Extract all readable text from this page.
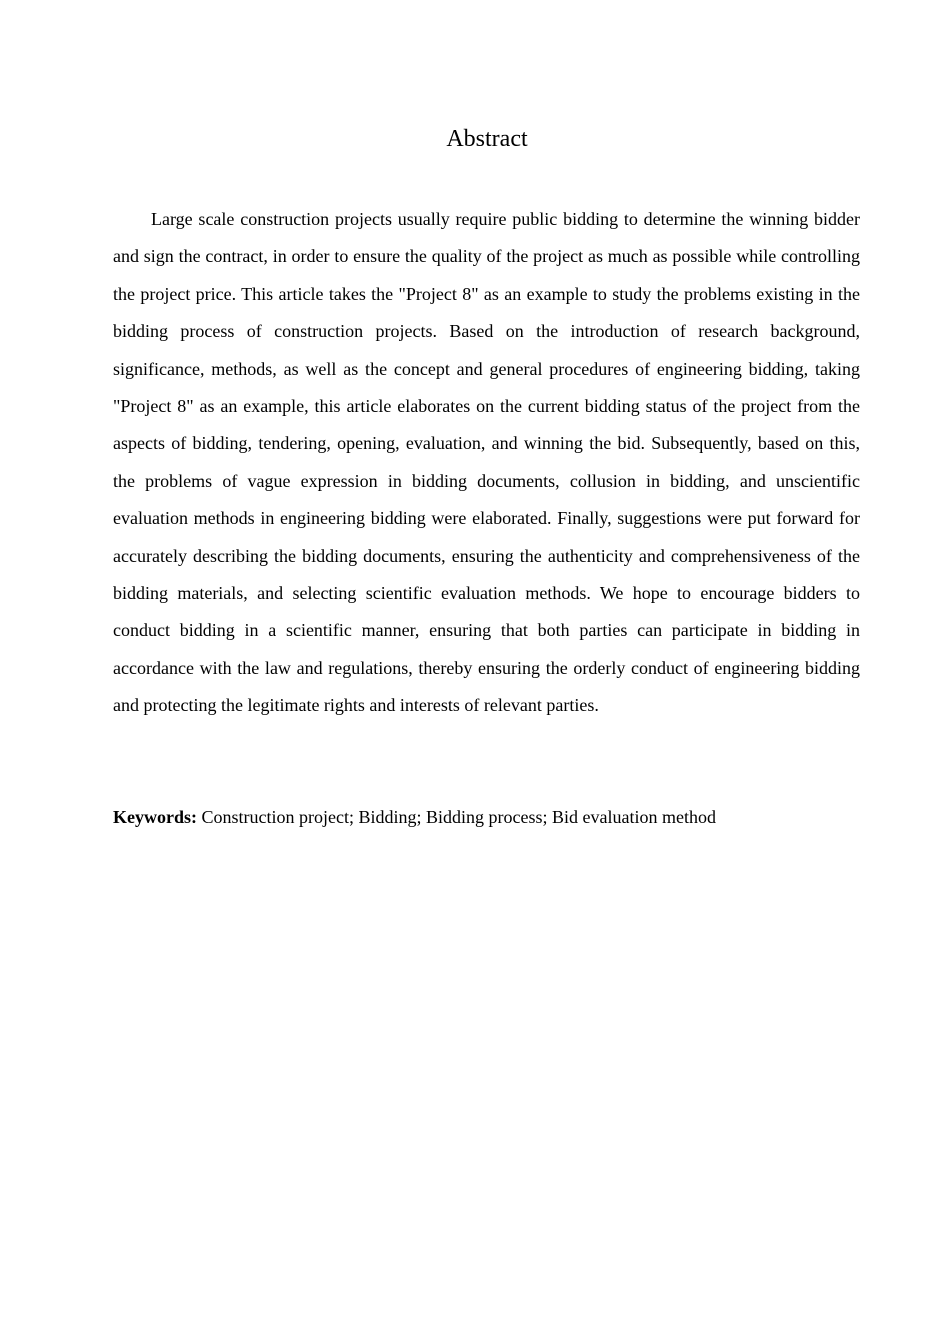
Abstract

Large scale construction projects usually require public bidding to determine the winning bidder and sign the contract, in order to ensure the quality of the project as much as possible while controlling the project price. This article takes the "Project 8" as an example to study the problems existing in the bidding process of construction projects. Based on the introduction of research background, significance, methods, as well as the concept and general procedures of engineering bidding, taking "Project 8" as an example, this article elaborates on the current bidding status of the project from the aspects of bidding, tendering, opening, evaluation, and winning the bid. Subsequently, based on this, the problems of vague expression in bidding documents, collusion in bidding, and unscientific evaluation methods in engineering bidding were elaborated. Finally, suggestions were put forward for accurately describing the bidding documents, ensuring the authenticity and comprehensiveness of the bidding materials, and selecting scientific evaluation methods. We hope to encourage bidders to conduct bidding in a scientific manner, ensuring that both parties can participate in bidding in accordance with the law and regulations, thereby ensuring the orderly conduct of engineering bidding and protecting the legitimate rights and interests of relevant parties.

Keywords: Construction project; Bidding; Bidding process; Bid evaluation method
